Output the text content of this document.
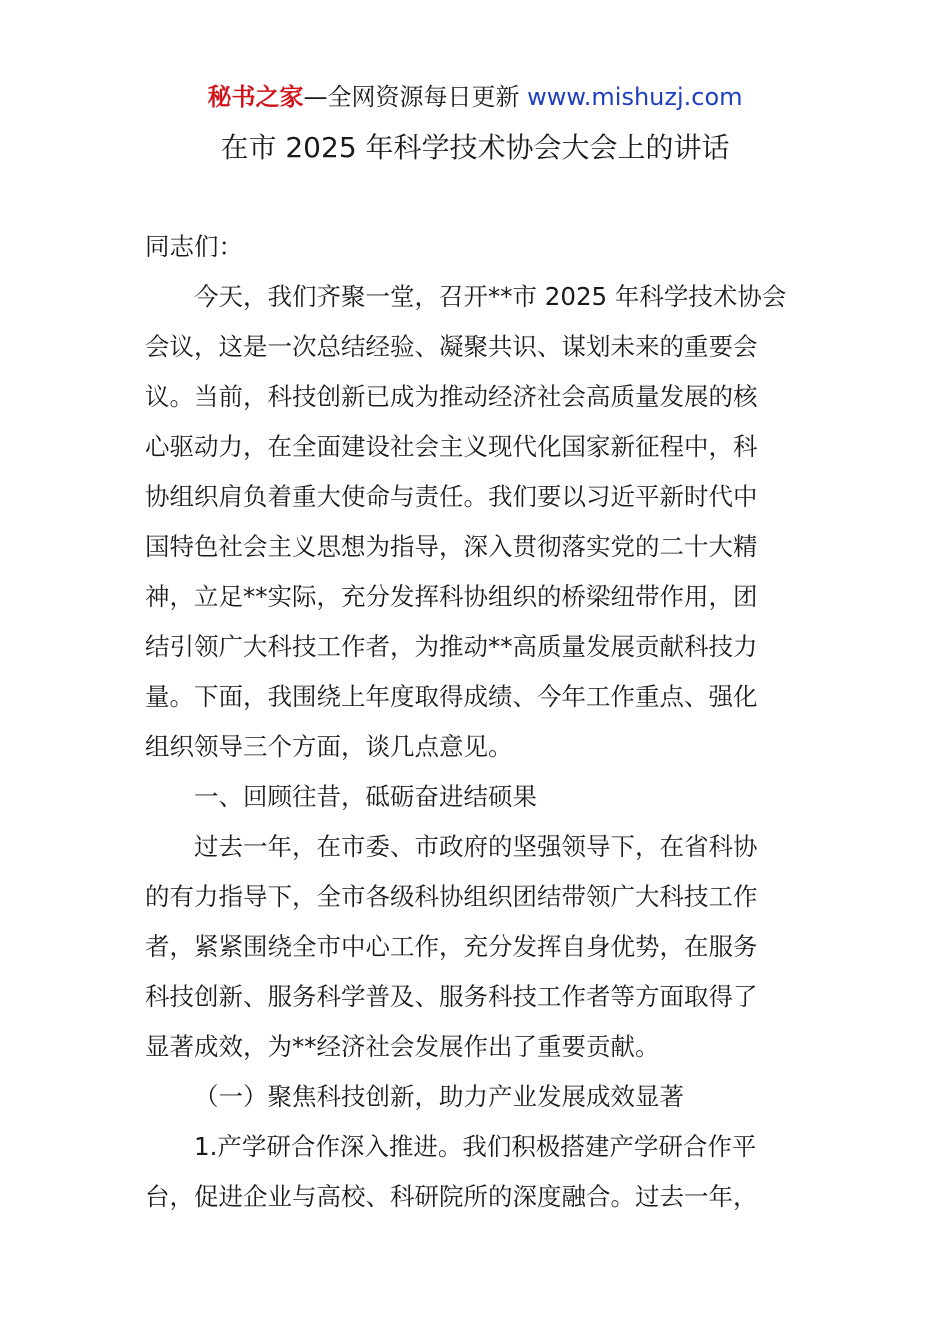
秘书之家—全网资源每日更新 www.mishuzj.com
在市 2025 年科学技术协会大会上的讲话
同志们：
今天，我们齐聚一堂，召开**市 2025 年科学技术协会
会议，这是一次总结经验、凝聚共识、谋划未来的重要会
议。当前，科技创新已成为推动经济社会高质量发展的核
心驱动力，在全面建设社会主义现代化国家新征程中，科
协组织肩负着重大使命与责任。我们要以习近平新时代中
国特色社会主义思想为指导，深入贯彻落实党的二十大精
神，立足**实际，充分发挥科协组织的桥梁纽带作用，团
结引领广大科技工作者，为推动**高质量发展贡献科技力
量。下面，我围绕上年度取得成绩、今年工作重点、强化
组织领导三个方面，谈几点意见。
一、回顾往昔，砥砺奋进结硕果
过去一年，在市委、市政府的坚强领导下，在省科协
的有力指导下，全市各级科协组织团结带领广大科技工作
者，紧紧围绕全市中心工作，充分发挥自身优势，在服务
科技创新、服务科学普及、服务科技工作者等方面取得了
显著成效，为**经济社会发展作出了重要贡献。
（一）聚焦科技创新，助力产业发展成效显著
1.产学研合作深入推进。我们积极搭建产学研合作平
台，促进企业与高校、科研院所的深度融合。过去一年，
